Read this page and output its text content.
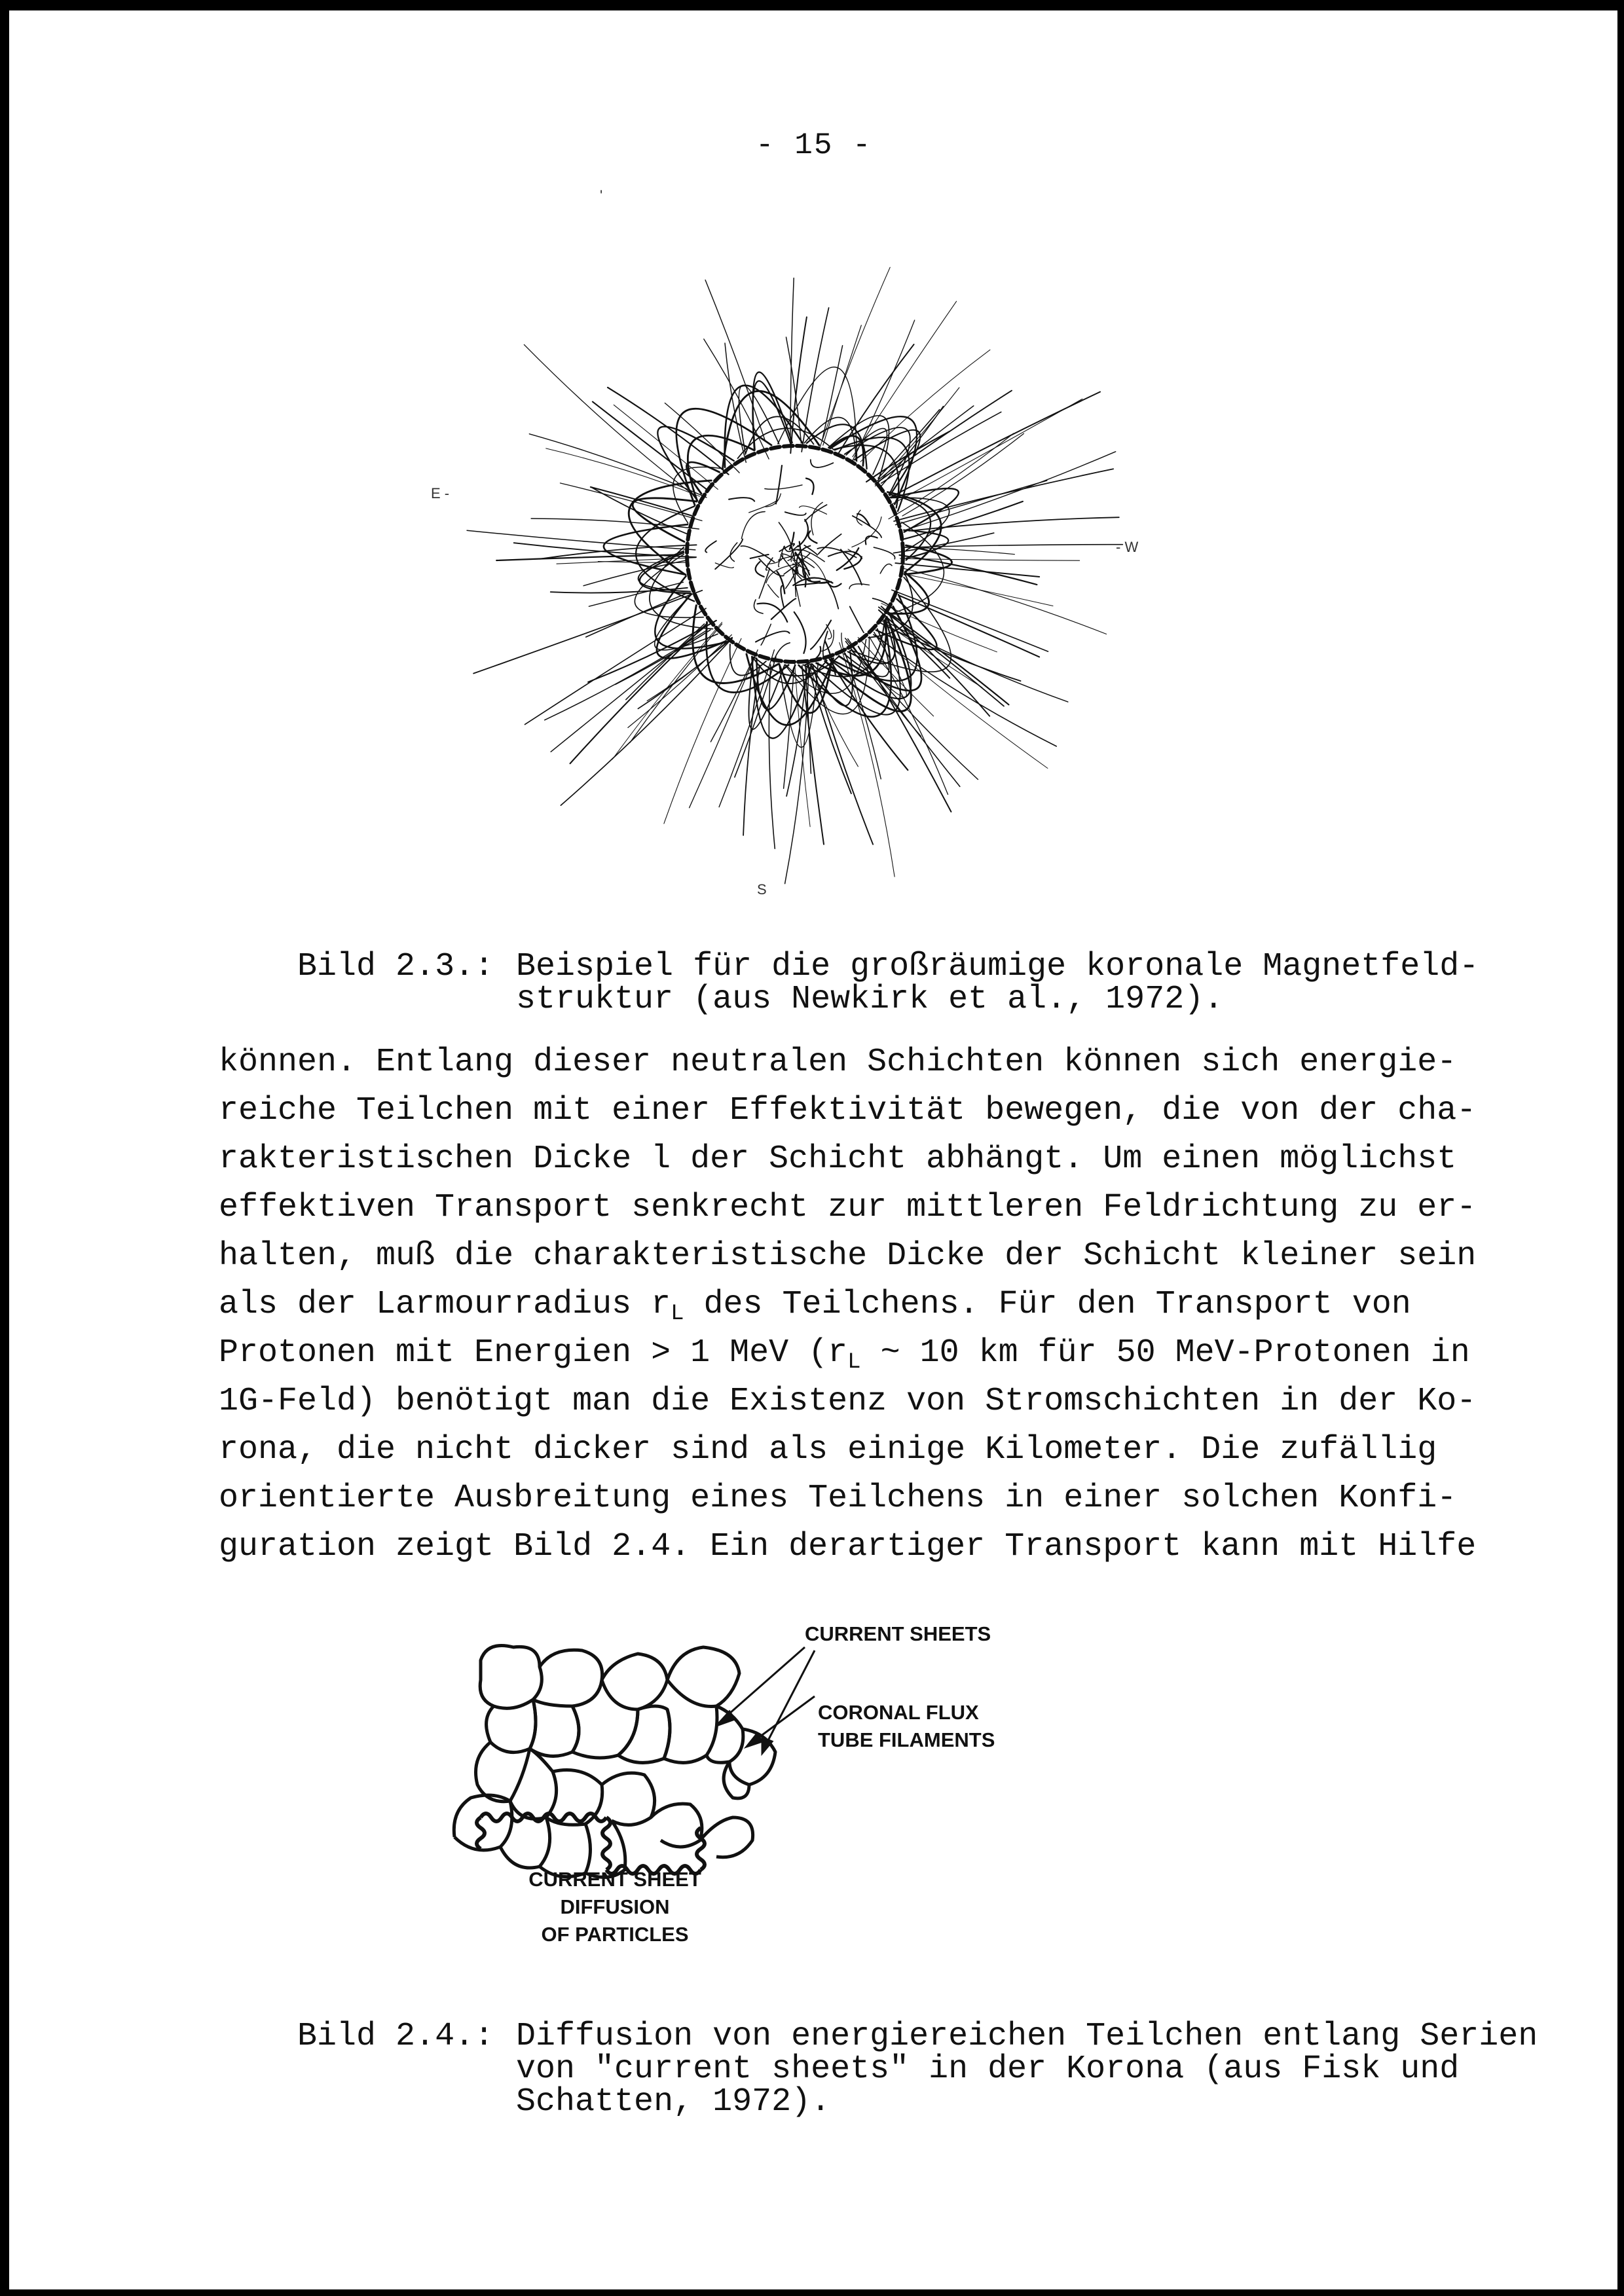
- 15 -
'
E -
- W
S

Bild 2.3.: Beispiel für die großräumige koronale Magnetfeld-
struktur (aus Newkirk et al., 1972).

können. Entlang dieser neutralen Schichten können sich energie-
reiche Teilchen mit einer Effektivität bewegen, die von der cha-
rakteristischen Dicke l der Schicht abhängt. Um einen möglichst
effektiven Transport senkrecht zur mittleren Feldrichtung zu er-
halten, muß die charakteristische Dicke der Schicht kleiner sein
als der Larmourradius $r_L$ des Teilchens. Für den Transport von
Protonen mit Energien > 1 MeV ($r_L$ ~ 10 km für 50 MeV-Protonen in
1G-Feld) benötigt man die Existenz von Stromschichten in der Ko-
rona, die nicht dicker sind als einige Kilometer. Die zufällig
orientierte Ausbreitung eines Teilchens in einer solchen Konfi-
guration zeigt Bild 2.4. Ein derartiger Transport kann mit Hilfe
CURRENT SHEETS
CORONAL FLUX
TUBE FILAMENTS
CURRENT SHEET
DIFFUSION
OF PARTICLES

Bild 2.4.: Diffusion von energiereichen Teilchen entlang Serien
von "current sheets" in der Korona (aus Fisk und
Schatten, 1972).
